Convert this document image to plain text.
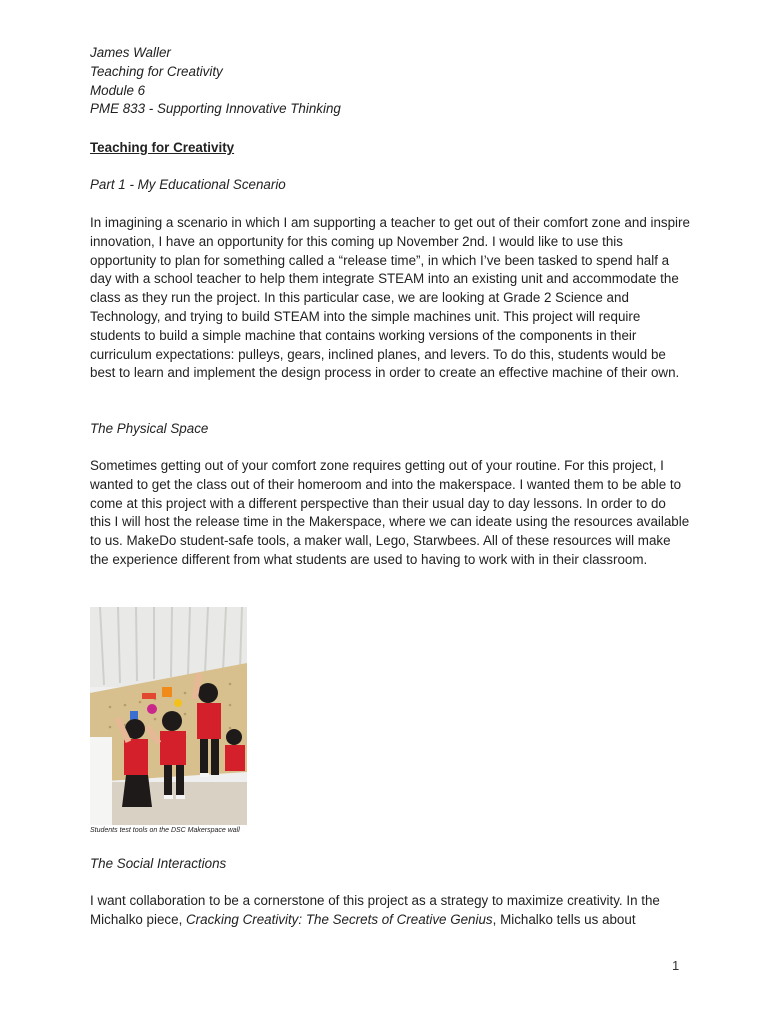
James Waller
Teaching for Creativity
Module 6
PME 833 - Supporting Innovative Thinking
Teaching for Creativity
Part 1 - My Educational Scenario
In imagining a scenario in which I am supporting a teacher to get out of their comfort zone and inspire innovation, I have an opportunity for this coming up November 2nd. I would like to use this opportunity to plan for something called a “release time”, in which I’ve been tasked to spend half a day with a school teacher to help them integrate STEAM into an existing unit and accommodate the class as they run the project. In this particular case, we are looking at Grade 2 Science and Technology, and trying to build STEAM into the simple machines unit. This project will require students to build a simple machine that contains working versions of the components in their curriculum expectations: pulleys, gears, inclined planes, and levers. To do this, students would be best to learn and implement the design process in order to create an effective machine of their own.
The Physical Space
Sometimes getting out of your comfort zone requires getting out of your routine. For this project, I wanted to get the class out of their homeroom and into the makerspace. I wanted them to be able to come at this project with a different perspective than their usual day to day lessons. In order to do this I will host the release time in the Makerspace, where we can ideate using the resources available to us. MakeDo student-safe tools, a maker wall, Lego, Starwbees. All of these resources will make the experience different from what students are used to having to work with in their classroom.
Students test tools on the DSC Makerspace wall
The Social Interactions
I want collaboration to be a cornerstone of this project as a strategy to maximize creativity. In the Michalko piece, Cracking Creativity: The Secrets of Creative Genius, Michalko tells us about
1
